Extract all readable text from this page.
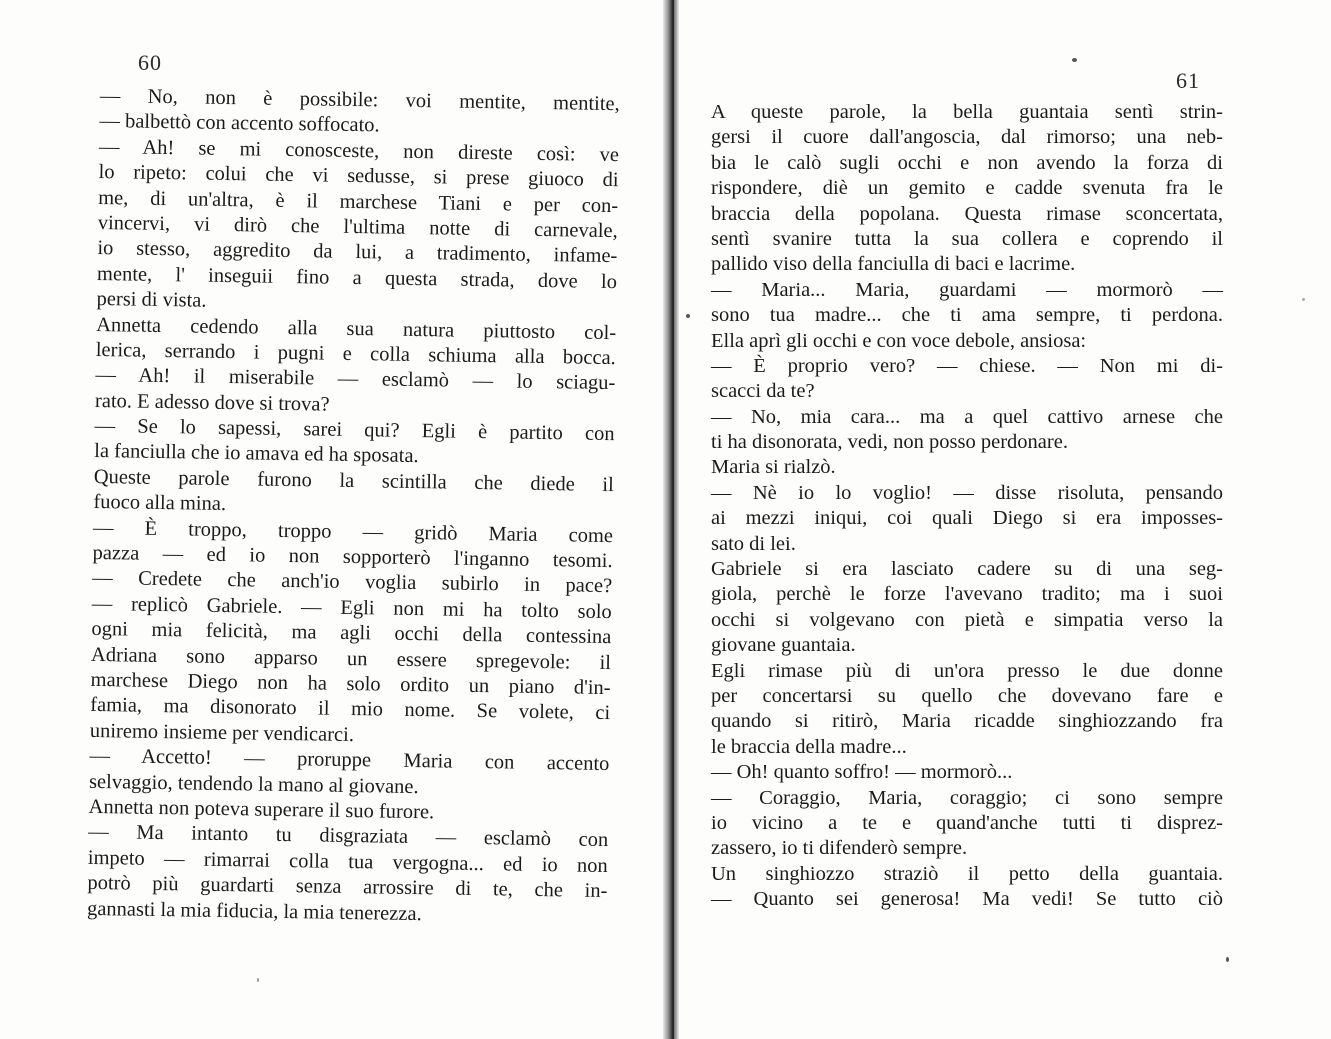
60
— No, non è possibile: voi mentite, mentite,
— balbettò con accento soffocato.
— Ah! se mi conosceste, non direste così: ve
lo ripeto: colui che vi sedusse, si prese giuoco di
me, di un'altra, è il marchese Tiani e per con-
vincervi, vi dirò che l'ultima notte di carnevale,
io stesso, aggredito da lui, a tradimento, infame-
mente, l' inseguii fino a questa strada, dove lo
persi di vista.
Annetta cedendo alla sua natura piuttosto col-
lerica, serrando i pugni e colla schiuma alla bocca.
— Ah! il miserabile — esclamò — lo sciagu-
rato. E adesso dove si trova?
— Se lo sapessi, sarei qui? Egli è partito con
la fanciulla che io amava ed ha sposata.
Queste parole furono la scintilla che diede il
fuoco alla mina.
— È troppo, troppo — gridò Maria come
pazza — ed io non sopporterò l'inganno tesomi.
— Credete che anch'io voglia subirlo in pace?
— replicò Gabriele. — Egli non mi ha tolto solo
ogni mia felicità, ma agli occhi della contessina
Adriana sono apparso un essere spregevole: il
marchese Diego non ha solo ordito un piano d'in-
famia, ma disonorato il mio nome. Se volete, ci
uniremo insieme per vendicarci.
— Accetto! — proruppe Maria con accento
selvaggio, tendendo la mano al giovane.
Annetta non poteva superare il suo furore.
— Ma intanto tu disgraziata — esclamò con
impeto — rimarrai colla tua vergogna... ed io non
potrò più guardarti senza arrossire di te, che in-
gannasti la mia fiducia, la mia tenerezza.
61
A queste parole, la bella guantaia sentì strin-
gersi il cuore dall'angoscia, dal rimorso; una neb-
bia le calò sugli occhi e non avendo la forza di
rispondere, diè un gemito e cadde svenuta fra le
braccia della popolana. Questa rimase sconcertata,
sentì svanire tutta la sua collera e coprendo il
pallido viso della fanciulla di baci e lacrime.
— Maria... Maria, guardami — mormorò —
sono tua madre... che ti ama sempre, ti perdona.
Ella aprì gli occhi e con voce debole, ansiosa:
— È proprio vero? — chiese. — Non mi di-
scacci da te?
— No, mia cara... ma a quel cattivo arnese che
ti ha disonorata, vedi, non posso perdonare.
Maria si rialzò.
— Nè io lo voglio! — disse risoluta, pensando
ai mezzi iniqui, coi quali Diego si era imposses-
sato di lei.
Gabriele si era lasciato cadere su di una seg-
giola, perchè le forze l'avevano tradito; ma i suoi
occhi si volgevano con pietà e simpatia verso la
giovane guantaia.
Egli rimase più di un'ora presso le due donne
per concertarsi su quello che dovevano fare e
quando si ritirò, Maria ricadde singhiozzando fra
le braccia della madre...
— Oh! quanto soffro! — mormorò...
— Coraggio, Maria, coraggio; ci sono sempre
io vicino a te e quand'anche tutti ti disprez-
zassero, io ti difenderò sempre.
Un singhiozzo straziò il petto della guantaia.
— Quanto sei generosa! Ma vedi! Se tutto ciò
